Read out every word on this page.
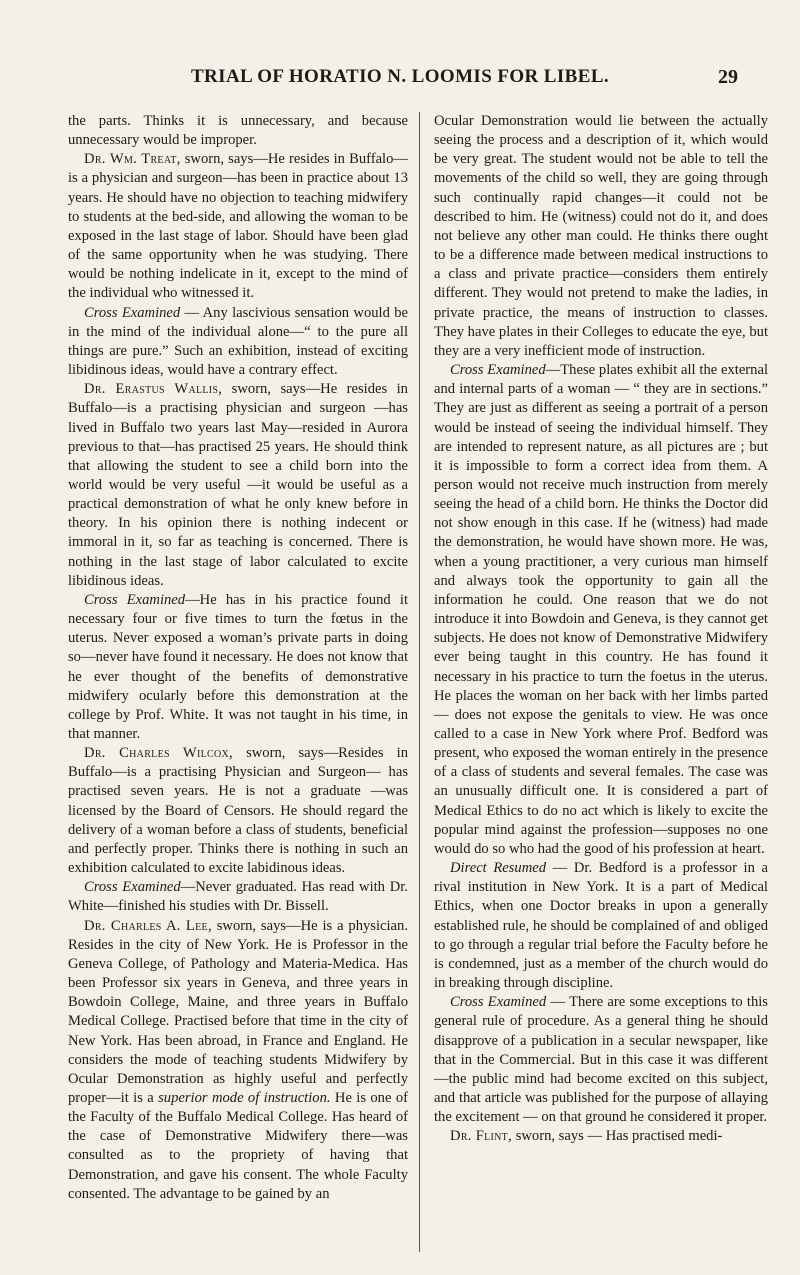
TRIAL OF HORATIO N. LOOMIS FOR LIBEL.	29

the parts. Thinks it is unnecessary, and because unnecessary would be improper.

Dr. Wm. Treat, sworn, says—He resides in Buffalo—is a physician and surgeon—has been in practice about 13 years. He should have no objection to teaching midwifery to students at the bed-side, and allowing the woman to be exposed in the last stage of labor. Should have been glad of the same opportunity when he was studying. There would be nothing indelicate in it, except to the mind of the individual who witnessed it.

Cross Examined — Any lascivious sensation would be in the mind of the individual alone—“ to the pure all things are pure.” Such an exhibition, instead of exciting libidinous ideas, would have a contrary effect.

Dr. Erastus Wallis, sworn, says—He resides in Buffalo—is a practising physician and surgeon —has lived in Buffalo two years last May—resided in Aurora previous to that—has practised 25 years. He should think that allowing the student to see a child born into the world would be very useful —it would be useful as a practical demonstration of what he only knew before in theory. In his opinion there is nothing indecent or immoral in it, so far as teaching is concerned. There is nothing in the last stage of labor calculated to excite libidinous ideas.

Cross Examined—He has in his practice found it necessary four or five times to turn the fœtus in the uterus. Never exposed a woman’s private parts in doing so—never have found it necessary. He does not know that he ever thought of the benefits of demonstrative midwifery ocularly before this demonstration at the college by Prof. White. It was not taught in his time, in that manner.

Dr. Charles Wilcox, sworn, says—Resides in Buffalo—is a practising Physician and Surgeon— has practised seven years. He is not a graduate —was licensed by the Board of Censors. He should regard the delivery of a woman before a class of students, beneficial and perfectly proper. Thinks there is nothing in such an exhibition calculated to excite labidinous ideas.

Cross Examined—Never graduated. Has read with Dr. White—finished his studies with Dr. Bissell.

Dr. Charles A. Lee, sworn, says—He is a physician. Resides in the city of New York. He is Professor in the Geneva College, of Pathology and Materia-Medica. Has been Professor six years in Geneva, and three years in Bowdoin College, Maine, and three years in Buffalo Medical College. Practised before that time in the city of New York. Has been abroad, in France and England. He considers the mode of teaching students Midwifery by Ocular Demonstration as highly useful and perfectly proper—it is a superior mode of instruction. He is one of the Faculty of the Buffalo Medical College. Has heard of the case of Demonstrative Midwifery there—was consulted as to the propriety of having that Demonstration, and gave his consent. The whole Faculty consented. The advantage to be gained by an

Ocular Demonstration would lie between the actually seeing the process and a description of it, which would be very great. The student would not be able to tell the movements of the child so well, they are going through such continually rapid changes—it could not be described to him. He (witness) could not do it, and does not believe any other man could. He thinks there ought to be a difference made between medical instructions to a class and private practice—considers them entirely different. They would not pretend to make the ladies, in private practice, the means of instruction to classes. They have plates in their Colleges to educate the eye, but they are a very inefficient mode of instruction.

Cross Examined—These plates exhibit all the external and internal parts of a woman — “ they are in sections.” They are just as different as seeing a portrait of a person would be instead of seeing the individual himself. They are intended to represent nature, as all pictures are ; but it is impossible to form a correct idea from them. A person would not receive much instruction from merely seeing the head of a child born. He thinks the Doctor did not show enough in this case. If he (witness) had made the demonstration, he would have shown more. He was, when a young practitioner, a very curious man himself and always took the opportunity to gain all the information he could. One reason that we do not introduce it into Bowdoin and Geneva, is they cannot get subjects. He does not know of Demonstrative Midwifery ever being taught in this country. He has found it necessary in his practice to turn the foetus in the uterus. He places the woman on her back with her limbs parted— does not expose the genitals to view. He was once called to a case in New York where Prof. Bedford was present, who exposed the woman entirely in the presence of a class of students and several females. The case was an unusually difficult one. It is considered a part of Medical Ethics to do no act which is likely to excite the popular mind against the profession—supposes no one would do so who had the good of his profession at heart.

Direct Resumed — Dr. Bedford is a professor in a rival institution in New York. It is a part of Medical Ethics, when one Doctor breaks in upon a generally established rule, he should be complained of and obliged to go through a regular trial before the Faculty before he is condemned, just as a member of the church would do in breaking through discipline.

Cross Examined — There are some exceptions to this general rule of procedure. As a general thing he should disapprove of a publication in a secular newspaper, like that in the Commercial. But in this case it was different—the public mind had become excited on this subject, and that article was published for the purpose of allaying the excitement — on that ground he considered it proper.

Dr. Flint, sworn, says — Has practised medi-
